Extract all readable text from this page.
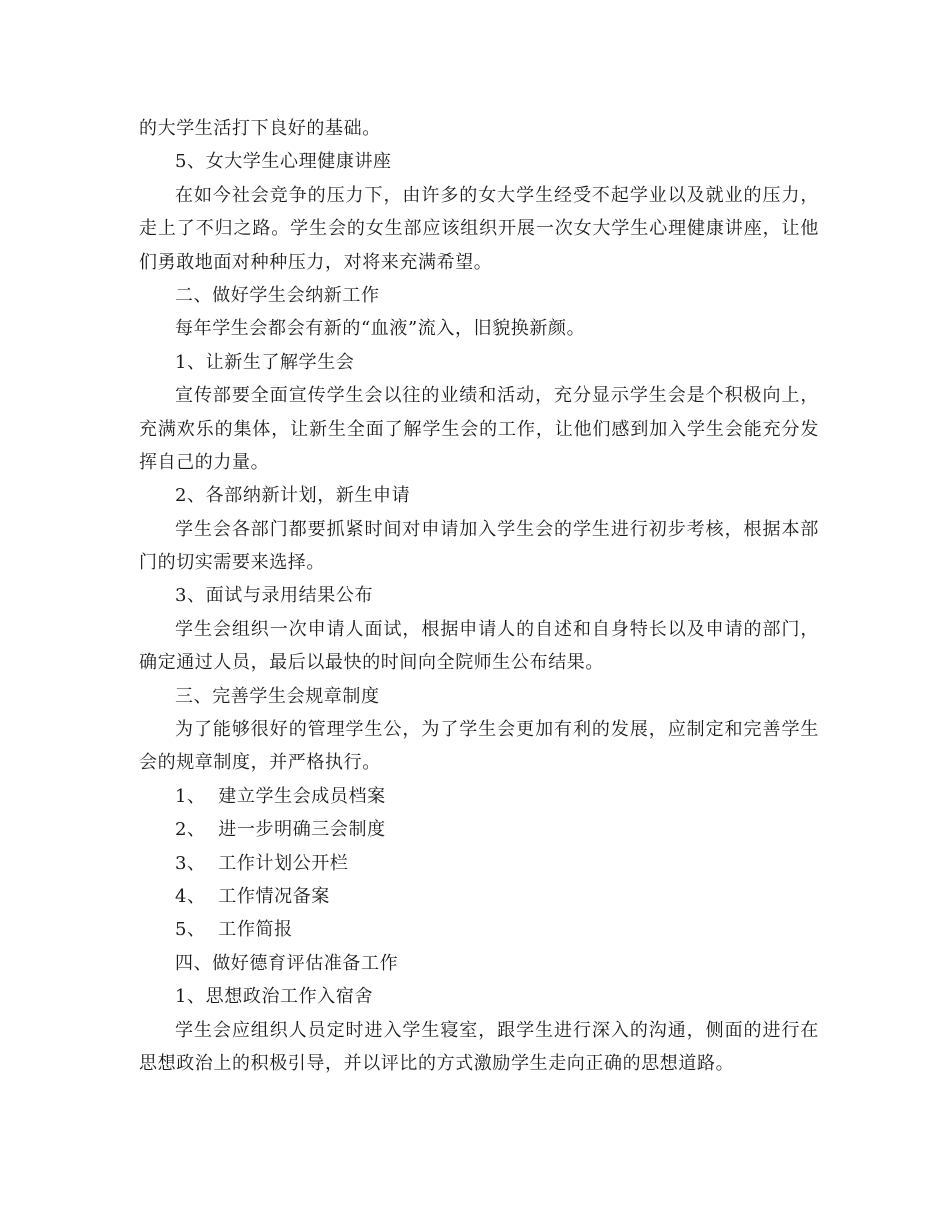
的大学生活打下良好的基础。
5、女大学生心理健康讲座
在如今社会竞争的压力下，由许多的女大学生经受不起学业以及就业的压力，
走上了不归之路。学生会的女生部应该组织开展一次女大学生心理健康讲座，让他
们勇敢地面对种种压力，对将来充满希望。
二、做好学生会纳新工作
每年学生会都会有新的“血液”流入，旧貌换新颜。
1、让新生了解学生会
宣传部要全面宣传学生会以往的业绩和活动，充分显示学生会是个积极向上，
充满欢乐的集体，让新生全面了解学生会的工作，让他们感到加入学生会能充分发
挥自己的力量。
2、各部纳新计划，新生申请
学生会各部门都要抓紧时间对申请加入学生会的学生进行初步考核，根据本部
门的切实需要来选择。
3、面试与录用结果公布
学生会组织一次申请人面试，根据申请人的自述和自身特长以及申请的部门，
确定通过人员，最后以最快的时间向全院师生公布结果。
三、完善学生会规章制度
为了能够很好的管理学生公，为了学生会更加有利的发展，应制定和完善学生
会的规章制度，并严格执行。
1、  建立学生会成员档案
2、  进一步明确三会制度
3、  工作计划公开栏
4、  工作情况备案
5、  工作简报
四、做好德育评估准备工作
1、思想政治工作入宿舍
学生会应组织人员定时进入学生寝室，跟学生进行深入的沟通，侧面的进行在
思想政治上的积极引导，并以评比的方式激励学生走向正确的思想道路。
